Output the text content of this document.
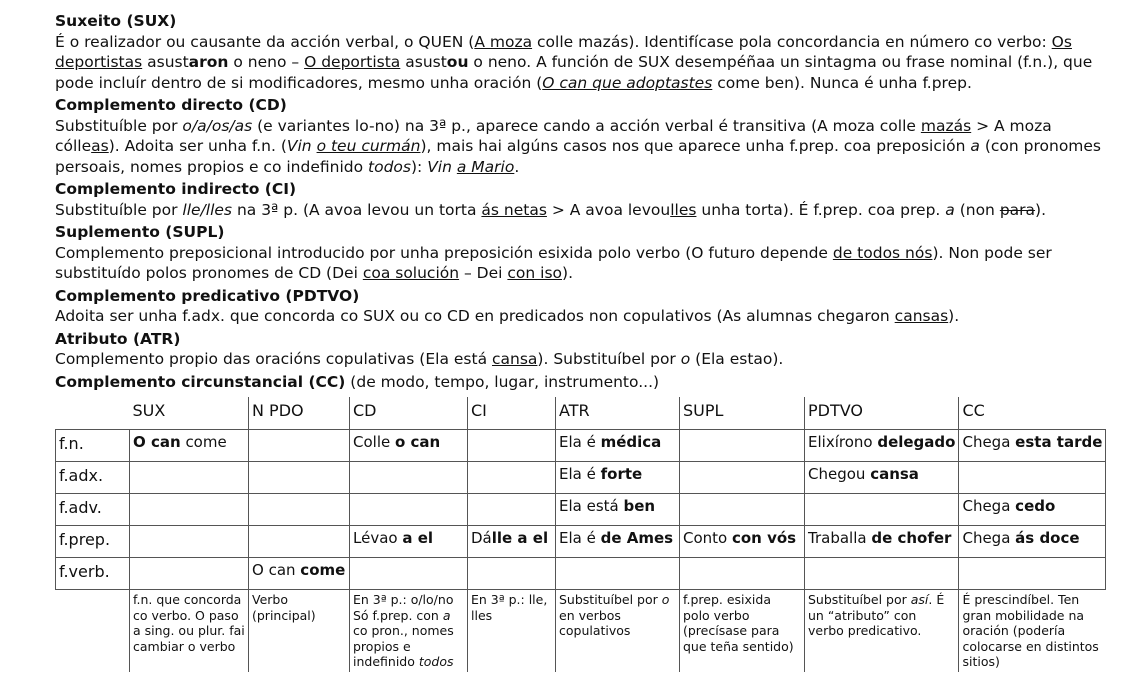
Suxeito (SUX)

É o realizador ou causante da acción verbal, o QUEN (A moza colle mazás). Identifícase pola concordancia en número co verbo: Os deportistas asustaron o neno – O deportista asustou o neno. A función de SUX desempéñaa un sintagma ou frase nominal (f.n.), que pode incluír dentro de si modificadores, mesmo unha oración (O can que adoptastes come ben). Nunca é unha f.prep.

Complemento directo (CD)

Substituíble por o/a/os/as (e variantes lo-no) na 3ª p., aparece cando a acción verbal é transitiva (A moza colle mazás > A moza cólleas). Adoita ser unha f.n. (Vin o teu curmán), mais hai algúns casos nos que aparece unha f.prep. coa preposición a (con pronomes persoais, nomes propios e co indefinido todos): Vin a Mario.

Complemento indirecto (CI)

Substituíble por lle/lles na 3ª p. (A avoa levou un torta ás netas > A avoa levoulles unha torta). É f.prep. coa prep. a (non para).

Suplemento (SUPL)

Complemento preposicional introducido por unha preposición esixida polo verbo (O futuro depende de todos nós). Non pode ser substituído polos pronomes de CD (Dei coa solución – Dei con iso).

Complemento predicativo (PDTVO)

Adoita ser unha f.adx. que concorda co SUX ou co CD en predicados non copulativos (As alumnas chegaron cansas).

Atributo (ATR)

Complemento propio das oracións copulativas (Ela está cansa). Substituíbel por o (Ela estao).

Complemento circunstancial (CC) (de modo, tempo, lugar, instrumento...)

	SUX	N PDO	CD	CI	ATR	SUPL	PDTVO	CC
f.n.	O can come		Colle o can		Ela é médica		Elixírono delegado	Chega esta tarde
f.adx.					Ela é forte		Chegou cansa	
f.adv.					Ela está ben			Chega cedo
f.prep.			Lévao a el	Dálle a el	Ela é de Ames	Conto con vós	Traballa de chofer	Chega ás doce
f.verb.		O can come						
	f.n. que concorda co verbo. O paso a sing. ou plur. fai cambiar o verbo	Verbo (principal)	En 3ª p.: o/lo/no Só f.prep. con a co pron., nomes propios e indefinido todos	En 3ª p.: lle, lles	Substituíbel por o en verbos copulativos	f.prep. esixida polo verbo (precísase para que teña sentido)	Substituíbel por así. É un “atributo” con verbo predicativo.	É prescindíbel. Ten gran mobilidade na oración (podería colocarse en distintos sitios)
